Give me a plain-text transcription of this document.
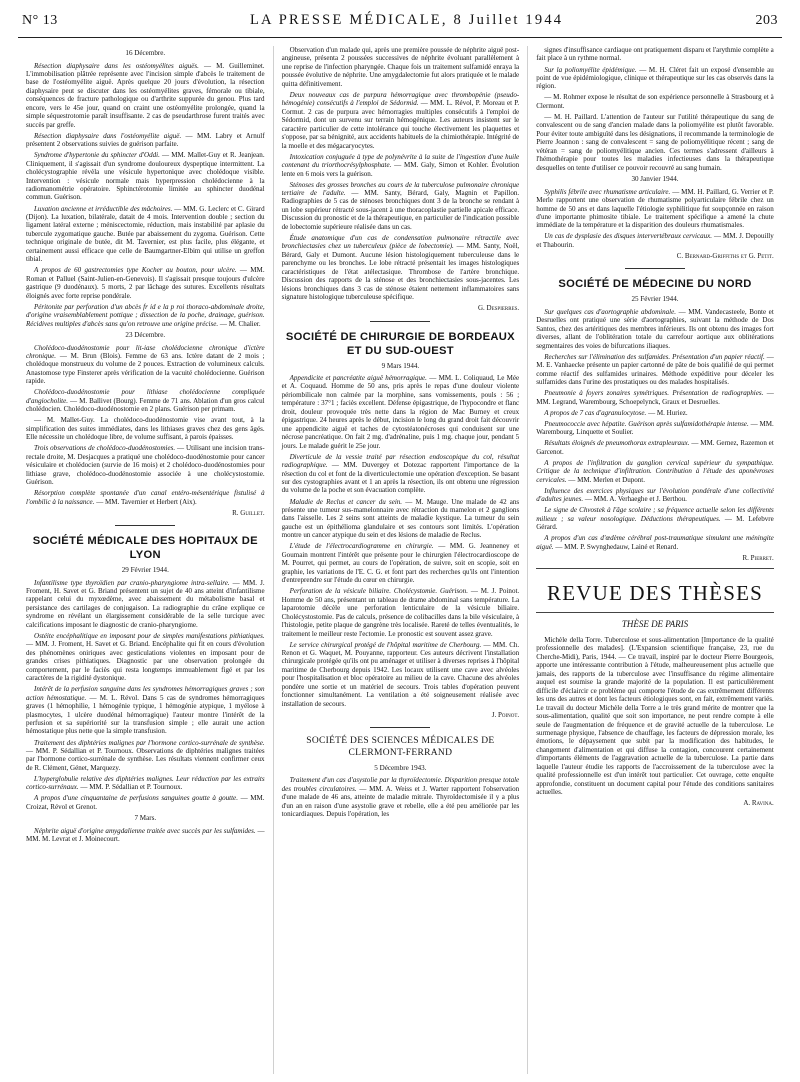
N° 13	LA PRESSE MÉDICALE, 8 Juillet 1944	203
16 Décembre.

Résection diaphysaire dans les ostéomyélites aiguës. — M. Guilleminet. L'immobilisation plâtrée représente avec l'incision simple d'abcès le traitement de base de l'ostéomyélite aiguë. Après quelque 20 jours d'évolution, la résection diaphysaire peut se discuter dans les ostéomyélites graves, fémorale ou tibiale, conséquences de fracture pathologique ou d'arthrite suppurée du genou. Plus tard encore, vers le 45e jour, quand on craint une ostéomyélite prolongée, quand la simple séquestrotomie paraît insuffisante. 2 cas de pseudarthrose furent traités avec succès par greffe.

Résection diaphysaire dans l'ostéomyélite aiguë. — MM. Labry et Arnulf présentent 2 observations suivies de guérison parfaite.

Syndrome d'hypertonie du sphincter d'Oddi. — MM. Mallet-Guy et R. Jeanjean. Cliniquement, il s'agissait d'un syndrome douloureux dyspeptique intermittent. La cholécystographie révèla une vésicule hypertonique avec cholédoque visible. Intervention : vésicule normale mais hyperpression cholédocienne à la radiomanométrie opératoire. Sphinctérotomie limitée au sphincter duodénal commun. Guérison.

Luxation ancienne et irréductible des mâchoires. — MM. G. Leclerc et C. Girard (Dijon). La luxation, bilatérale, datait de 4 mois. Intervention double ; section du ligament latéral externe ; méniscectomie, réduction, mais instabilité par aplasie du tubercule zygomatique gauche. Butée par abaissement du zygoma. Guérison. Cette technique originale de butée, dit M. Tavernier, est plus facile, plus élégante, et certainement aussi efficace que celle de Baumgartner-Elbim qui utilise un greffon tibial.

A propos de 60 gastrectomies type Kocher au bouton, pour ulcère. — MM. Roman et Palluel (Saint-Julien-en-Genevois). Il s'agissait presque toujours d'ulcère gastrique (9 duodénaux). 5 morts, 2 par lâchage des sutures. Excellents résultats éloignés avec forte reprise pondérale.

Péritonite par perforation d'un abcès fr id e la p roi thoraco-abdominale droite, d'origine vraisemblablement pottique ; dissection de la poche, drainage, guérison. Récidives multiples d'abcès sans qu'on retrouve une origine précise. — M. Chalier.

23 Décembre.

Cholédoco-duodénostomie pour lit-iase cholédocienne chronique d'ictère chronique. — M. Brun (Blois). Femme de 63 ans. Ictère datant de 2 mois ; cholédoque monstrueux du volume de 2 pouces. Extraction de volumineux calculs. Anastomose type Finsterer après vérification de la vacuité cholédocienne. Guérison rapide.

Cholédoco-duodénostomie pour lithiase cholédocienne compliquée d'angiocholite. — M. Ballivet (Bourg). Femme de 71 ans. Ablation d'un gros calcul cholédocien. Cholédoco-duodénostomie en 2 plans. Guérison per primam.

— M. Mallet-Guy. La cholédoco-duodénostomie vise avant tout, à la simplification des suites immédiates, dans les lithiases graves chez des gens âgés. Elle nécessite un cholédoque libre, de volume suffisant, à parois épaisses.

Trois observations de cholédoco-duodénostomies. — Utilisant une incision trans-rectale droite, M. Desjacques a pratiqué une cholédoco-duodénostomie pour cancer vésiculaire et cholédocien (survie de 16 mois) et 2 cholédoco-duodénostomies pour lithiase grave, cholédoco-duodénostomie associée à une cholécystostomie. Guérison.

Résorption complète spontanée d'un canal entéro-mésentérique fistulisé à l'ombilic à la naissance. — MM. Tavernier et Herbert (Aix).

R. Guillet.
SOCIÉTÉ MÉDICALE DES HOPITAUX DE LYON
29 Février 1944.

Infantilisme type thyroïdien par cranio-pharyngiome intra-sellaire. — MM. J. Froment, H. Savet et G. Briand présentent un sujet de 40 ans atteint d'infantilisme rappelant celui du myxœdème, avec abaissement du métabolisme basal et persistance des cartilages de conjugaison. La radiographie du crâne explique ce syndrome en révélant un élargissement considérable de la selle turcique avec calcifications imposant le diagnostic de cranio-pharyngiome.

Ostéite encéphalitique en imposant pour de simples manifestations pithiatiques. — MM. J. Froment, H. Savet et G. Briand. Encéphalite qui fit en cours d'évolution des phénomènes oniriques avec gesticulations violentes en imposant pour de grandes crises pithiatiques. Diagnostic par une observation prolongée du comportement, par le faciès qui resta longtemps immuablement figé et par les caractères de la rigidité dystonique.

Intérêt de la perfusion sanguine dans les syndromes hémorragiques graves ; son action hémostatique. — M. L. Révol. Dans 5 cas de syndromes hémorragiques graves (1 hémophilie, 1 hémogénie typique, 1 hémogénie atypique, 1 myélose à plasmocytes, 1 ulcère duodénal hémorragique) l'auteur montre l'intérêt de la perfusion et sa supériorité sur la transfusion simple ; elle aurait une action hémostatique plus nette que la simple transfusion.

Traitement des diphtéries malignes par l'hormone cortico-surrénale de synthèse. — MM. P. Sédallian et P. Tournoux. Observations de diphtéries malignes traitées par l'hormone cortico-surrénale de synthèse. Les résultats viennent confirmer ceux de R. Clément, Génet, Marquezy.

L'hyperglobulie relative des diphtéries malignes. Leur réduction par les extraits cortico-surrénaux. — MM. P. Sédallian et P. Tournoux.

A propos d'une cinquantaine de perfusions sanguines goutte à goutte. — MM. Croizat, Révol et Grenot.

7 Mars.

Néphrite aiguë d'origine amygdalienne traitée avec succès par les sulfamides. — MM. M. Levrat et J. Moinecourt.

Observation d'un malade qui, après une première poussée de néphrite aiguë post-angineuse, présenta 2 poussées successives de néphrite évoluant parallèlement à une reprise de l'infection pharyngée. Chaque fois un traitement sulfamidé enraya la poussée évolutive de néphrite. Une amygdalectomie fut alors pratiquée et le malade quitta définitivement.

Deux nouveaux cas de purpura hémorragique avec thrombopénie (pseudo-hémogénie) consécutifs à l'emploi de Sédormid. — MM. L. Révol, P. Moreau et P. Cormut. 2 cas de purpura avec hémorragies multiples consécutifs à l'emploi de Sédormid, dont un survenu sur terrain hémogénique. Les auteurs insistent sur le caractère particulier de cette intolérance qui touche électivement les plaquettes et s'oppose, par sa bénignité, aux accidents habituels de la chimiothérapie. Intégrité de la moelle et des mégacaryocytes.

Intoxication conjuguée à type de polynévrite à la suite de l'ingestion d'une huile contenant du triorthocrésylphosphate. — MM. Galy, Simon et Kohler. Évolution lente en 6 mois vers la guérison.

Sténoses des grosses bronches au cours de la tuberculose pulmonaire chronique tertiaire de l'adulte. — MM. Santy, Bérard, Galy, Magnin et Papillon. Radiographies de 5 cas de sténoses bronchiques dont 3 de la bronche se rendant à un lobe supérieur rétracté sous-jacent à une thoracoplastie partielle apicale efficace. Discussion du pronostic et de la thérapeutique, en particulier de l'indication possible de lobectomie supérieure réalisée dans un cas.

Étude anatomique d'un cas de condensation pulmonaire rétractile avec bronchiectasies chez un tuberculeux (pièce de lobectomie). — MM. Santy, Noël, Bérard, Galy et Dumont. Aucune lésion histologiquement tuberculeuse dans le parenchyme ou les bronches. Le lobe rétracté présentait les images histologiques caractéristiques de l'état atélectasique. Thrombose de l'artère bronchique. Discussion des rapports de la sténose et des bronchiectasies sous-jacentes. Les lésions bronchiques dans 3 cas de sténose étaient nettement inflammatoires sans signature histologique tuberculeuse spécifique.

G. Despierres.
SOCIÉTÉ DE CHIRURGIE DE BORDEAUX ET DU SUD-OUEST
9 Mars 1944.

Appendicite et pancréatite aiguë hémorragique. — MM. L. Coliquaud, Le Mée et A. Coquaud. Homme de 50 ans, pris après le repas d'une douleur violente périombilicale non calmée par la morphine, sans vomissements, pouls : 56 ; température : 37°1 ; faciès excellent. Défense épigastrique, de l'hypocondre et flanc droit, douleur provoquée très nette dans la région de Mac Burney et creux épigastrique. 24 heures après le début, incision le long du grand droit fait découvrir une appendicite aiguë et taches de cytostéatonécroses qui conduisent sur une nécrose pancréatique. On fait 2 mg. d'adrénaline, puis 1 mg. chaque jour, pendant 5 jours. Le malade guérit le 25e jour.

Diverticule de la vessie traité par résection endoscopique du col, résultat radiographique. — MM. Duvergey et Dotezac rapportent l'importance de la résection du col et font de la diverticulectomie une opération d'exception. Se basant sur des cystographies avant et 1 an après la résection, ils ont obtenu une régression du volume de la poche et son évacuation complète.

Maladie de Reclus et cancer du sein. — M. Mauge. Une malade de 42 ans présente une tumeur sus-mamelonnaire avec rétraction du mamelon et 2 ganglions dans l'aisselle. Les 2 seins sont atteints de maladie kystique. La tumeur du sein gauche est un épithélioma glandulaire et ses contours sont limités. L'opération montre un cancer atypique du sein et des lésions de maladie de Reclus.

L'étude de l'électrocardiogramme en chirurgie. — MM. G. Jeanneney et Goumain montrent l'intérêt que présente pour le chirurgien l'électrocardioscope de M. Pourret, qui permet, au cours de l'opération, de suivre, soit en scopie, soit en graphie, les variations de l'E. C. G. et font part des recherches qu'ils ont l'intention d'entreprendre sur l'étude du cœur en chirurgie.

Perforation de la vésicule biliaire. Cholécystomie. Guérison. — M. J. Poinot. Homme de 50 ans, présentant un tableau de drame abdominal sans température. La laparotomie décèle une perforation lenticulaire de la vésicule biliaire. Cholécystostomie. Pas de calculs, présence de colibacilles dans la bile vésiculaire, à l'histologie, petite plaque de gangrène très localisée. Rareté de telles éventualités, le traitement le meilleur reste l'ectomie. Le pronostic est souvent assez grave.

Le service chirurgical protégé de l'hôpital maritime de Cherbourg. — MM. Ch. Renon et G. Waquet, M. Pouyanne, rapporteur. Ces auteurs décrivent l'installation chirurgicale protégée qu'ils ont pu aménager et utiliser à diverses reprises à l'hôpital maritime de Cherbourg depuis 1942. Les locaux utilisent une cave avec alvéoles pour l'hospitalisation et bloc opératoire au milieu de la cave. Chacune des alvéoles pondère une sortie et un matériel de secours. Trois tables d'opération peuvent fonctionner simultanément. La ventilation a été soigneusement réalisée avec installation de secours.

J. Poinot.
SOCIÉTÉ DES SCIENCES MÉDICALES DE CLERMONT-FERRAND
5 Décembre 1943.

Traitement d'un cas d'asystolie par la thyroïdectomie. Disparition presque totale des troubles circulatoires. — MM. A. Weiss et J. Warter rapportent l'observation d'une malade de 46 ans, atteinte de maladie mitrale. Thyroïdectomisée il y a plus d'un an en raison d'une asystolie grave et rebelle, elle a été peu améliorée par les tonicardiaques. Depuis l'opération, les

signes d'insuffisance cardiaque ont pratiquement disparu et l'arythmie complète a fait place à un rythme normal.

Sur la poliomyélite épidémique. — M. H. Cléret fait un exposé d'ensemble au point de vue épidémiologique, clinique et thérapeutique sur les cas observés dans la région.

— M. Rohmer expose le résultat de son expérience personnelle à Strasbourg et à Clermont.

— M. H. Paillard. L'attention de l'auteur sur l'utilité thérapeutique du sang de convalescent ou de sang d'ancien malade dans la poliomyélite est plutôt favorable. Pour éviter toute ambiguïté dans les désignations, il recommande la terminologie de Pierre Joannon : sang de convalescent = sang de poliomyélitique récent ; sang de vétéran = sang de poliomyélitique ancien. Ces termes s'adressent d'ailleurs à l'hémothérapie pour toutes les maladies infectieuses dans la thérapeutique desquelles on tente d'utiliser ce pouvoir recouvré au sang humain.

30 Janvier 1944.

Syphilis fébrile avec rhumatisme articulaire. — MM. H. Paillard, G. Verrier et P. Merle rapportent une observation de rhumatisme polyarticulaire fébrile chez un homme de 50 ans et dans laquelle l'étiologie syphilitique fut soupçonnée en raison d'une importante phimosite tibiale. Le traitement spécifique a amené la chute immédiate de la température et la disparition des douleurs rhumatismales.

Un cas de dysplasie des disques intervertébraux cervicaux. — MM. J. Depouilly et Thabourin.

C. Bernard-Griffiths et G. Petit.
SOCIÉTÉ DE MÉDECINE DU NORD
25 Février 1944.

Sur quelques cas d'aortographie abdominale. — MM. Vandecasteele, Bonte et Desruelles ont pratiqué une série d'aortographies, suivant la méthode de Dos Santos, chez des artéritiques des membres inférieurs. Ils ont obtenu des images fort diverses, allant de l'oblitération totale du carrefour aortique aux oblitérations segmentaires des voies de bifurcations iliaques.

Recherches sur l'élimination des sulfamides. Présentation d'un papier réactif. — M. E. Vanhaecke présente un papier cartonné de pâte de bois qualifié de qui permet comme réactif des sulfamides urinaires. Méthode expéditive pour déceler les sulfamides dans l'urine des prostatiques ou des malades hospitalisés.

Pneumonie à foyers zonaires symétriques. Présentation de radiographies. — MM. Legrand, Warembourg, Schoepelynck, Graux et Desruelles.

A propos de 7 cas d'agranulocytose. — M. Huriez.

Pneumococcie avec hépatite. Guérison après sulfamidothérapie intense. — MM. Warembourg, Linquette et Soulier.

Résultats éloignés de pneumothorax extrapleuraux. — MM. Gernez, Razemon et Garcenot.

A propos de l'infiltration du ganglion cervical supérieur du sympathique. Critique de la technique d'infiltration. Contribution à l'étude des aponévroses cervicales. — MM. Merlen et Dupont.

Influence des exercices physiques sur l'évolution pondérale d'une collectivité d'adultes jeunes. — MM. A. Verhaeghe et J. Berthou.

Le signe de Chvostek à l'âge scolaire ; sa fréquence actuelle selon les différents milieux ; sa valeur nosologique. Déductions thérapeutiques. — M. Lefebvre Gérard.

A propos d'un cas d'œdème cérébral post-traumatique simulant une méningite aiguë. — MM. P. Swynghedauw, Lainé et Renard.

R. Pierret.
REVUE DES THÈSES
THÈSE DE PARIS

Michèle della Torre. Tuberculose et sous-alimentation [Importance de la qualité professionnelle des malades]. (L'Expansion scientifique française, 23, rue du Cherche-Midi), Paris, 1944. — Ce travail, inspiré par le docteur Pierre Bourgeois, apporte une intéressante contribution à l'étude, malheureusement plus actuelle que jamais, des rapports de la tuberculose avec l'insuffisance du régime alimentaire auquel est soumise la grande majorité de la population. Il est particulièrement difficile d'éclaircir ce problème qui comporte l'étude de cas extrêmement différents les uns des autres et dont les facteurs étiologiques sont, en fait, extrêmement variés. Le travail du docteur Michèle della Torre a le très grand mérite de montrer que la sous-alimentation, qualité que soit son importance, ne peut rendre compte à elle seule de l'augmentation de fréquence et de gravité actuelle de la tuberculose. Le surmenage physique, l'absence de chauffage, les facteurs de dépression morale, les émotions, le dépaysement que subit par la modification des habitudes, le changement d'alimentation et qui diffuse la contagion, concourent certainement d'importants éléments de l'aggravation actuelle de la tuberculose. La partie dans laquelle l'auteur étudie les rapports de l'accroissement de la tuberculose avec la qualité professionnelle est d'un intérêt tout particulier. Cet ouvrage, cette enquête approfondie, constituent un document capital pour l'étude des conditions sanitaires actuelles.

A. Ravina.
